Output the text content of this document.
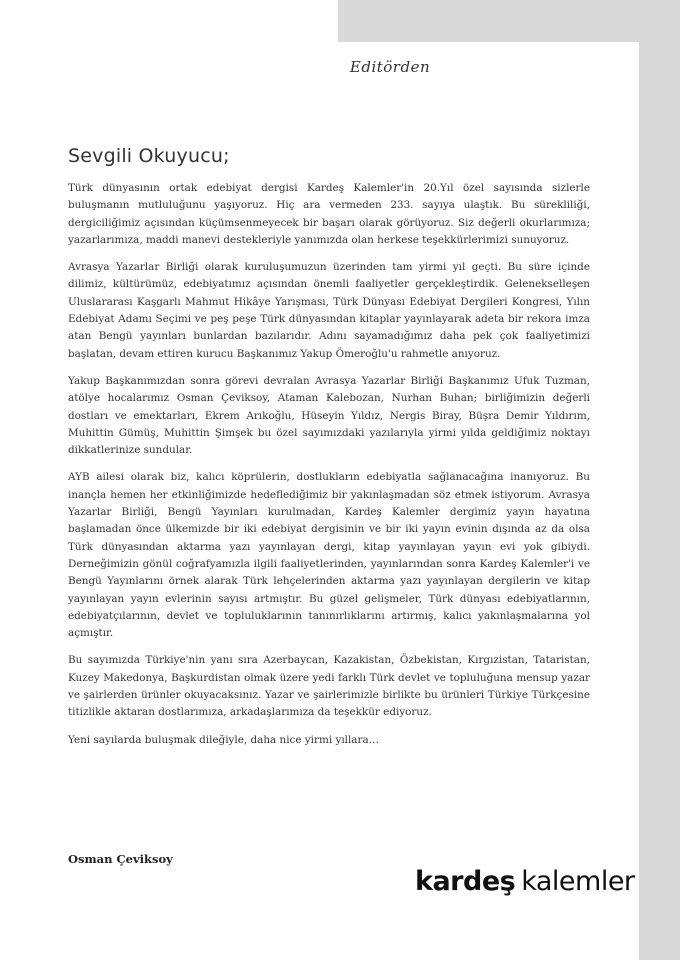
Editörden
Sevgili Okuyucu;

Türk dünyasının ortak edebiyat dergisi Kardeş Kalemler'in 20.Yıl özel sayısında sizlerle buluşmanın mutluluğunu yaşıyoruz. Hiç ara vermeden 233. sayıya ulaştık. Bu sürekliliği, dergiciliğimiz açısından küçümsenmeyecek bir başarı olarak görüyoruz. Siz değerli okurlarımıza; yazarlarımıza, maddi manevi destekleriyle yanımızda olan herkese teşekkürlerimizi sunuyoruz.

Avrasya Yazarlar Birliği olarak kuruluşumuzun üzerinden tam yirmi yıl geçti. Bu süre içinde dilimiz, kültürümüz, edebiyatımız açısından önemli faaliyetler gerçekleştirdik. Gelenekselleşen Uluslararası Kaşgarlı Mahmut Hikâye Yarışması, Türk Dünyası Edebiyat Dergileri Kongresi, Yılın Edebiyat Adamı Seçimi ve peş peşe Türk dünyasından kitaplar yayınlayarak adeta bir rekora imza atan Bengü yayınları bunlardan bazılarıdır. Adını sayamadığımız daha pek çok faaliyetimizi başlatan, devam ettiren kurucu Başkanımız Yakup Ömeroğlu'u rahmetle anıyoruz.

Yakup Başkanımızdan sonra görevi devralan Avrasya Yazarlar Birliği Başkanımız Ufuk Tuzman, atölye hocalarımız Osman Çeviksoy, Ataman Kalebozan, Nurhan Buhan; birliğimizin değerli dostları ve emektarları, Ekrem Arıkoğlu, Hüseyin Yıldız, Nergis Biray, Büşra Demir Yıldırım, Muhittin Gümüş, Muhittin Şimşek bu özel sayımızdaki yazılarıyla yirmi yılda geldiğimiz noktayı dikkatlerinize sundular.

AYB ailesi olarak biz, kalıcı köprülerin, dostlukların edebiyatla sağlanacağına inanıyoruz. Bu inançla hemen her etkinliğimizde hedeflediğimiz bir yakınlaşmadan söz etmek istiyorum. Avrasya Yazarlar Birliği, Bengü Yayınları kurulmadan, Kardeş Kalemler dergimiz yayın hayatına başlamadan önce ülkemizde bir iki edebiyat dergisinin ve bir iki yayın evinin dışında az da olsa Türk dünyasından aktarma yazı yayınlayan dergi, kitap yayınlayan yayın evi yok gibiydi. Derneğimizin gönül coğrafyamızla ilgili faaliyetlerinden, yayınlarından sonra Kardeş Kalemler'i ve Bengü Yayınlarını örnek alarak Türk lehçelerinden aktarma yazı yayınlayan dergilerin ve kitap yayınlayan yayın evlerinin sayısı artmıştır. Bu güzel gelişmeler, Türk dünyası edebiyatlarının, edebiyatçılarının, devlet ve topluluklarının tanınırlıklarını artırmış, kalıcı yakınlaşmalarına yol açmıştır.

Bu sayımızda Türkiye'nin yanı sıra Azerbaycan, Kazakistan, Özbekistan, Kırgızistan, Tataristan, Kuzey Makedonya, Başkurdistan olmak üzere yedi farklı Türk devlet ve topluluğuna mensup yazar ve şairlerden ürünler okuyacaksınız. Yazar ve şairlerimizle birlikte bu ürünleri Türkiye Türkçesine titizlikle aktaran dostlarımıza, arkadaşlarımıza da teşekkür ediyoruz.

Yeni sayılarda buluşmak dileğiyle, daha nice yirmi yıllara…

Osman Çeviksoy
kardeş kalemler
